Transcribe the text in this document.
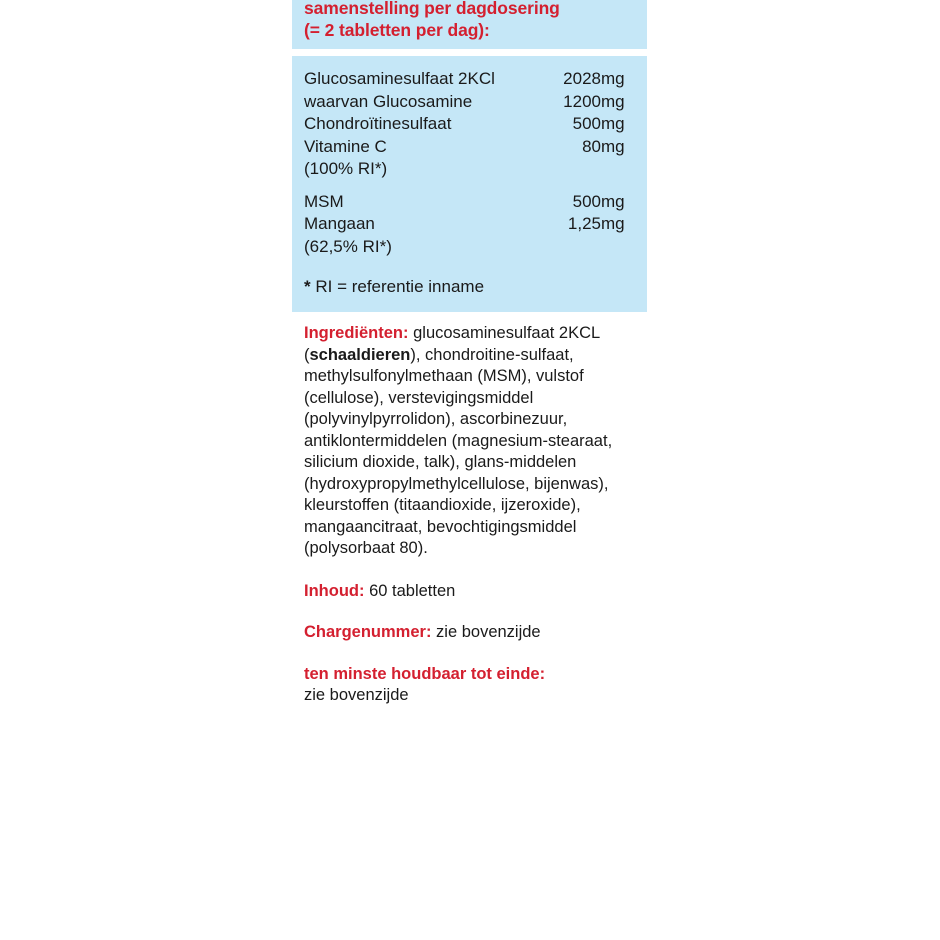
samenstelling per dagdosering
(= 2 tabletten per dag):
Glucosaminesulfaat 2KCl	2028	mg
waarvan Glucosamine	1200	mg
Chondroïtinesulfaat	500	mg
Vitamine C	80	mg
(100% RI*)		

MSM	500	mg
Mangaan	1,25	mg
(62,5% RI*)		
* RI = referentie inname

Ingrediënten: glucosaminesulfaat 2KCL (schaaldieren), chondroitine-sulfaat, methylsulfonylmethaan (MSM), vulstof (cellulose), verstevigingsmiddel (polyvinylpyrrolidon), ascorbinezuur, antiklontermiddelen (magnesium-stearaat, silicium dioxide, talk), glans-middelen (hydroxypropylmethylcellulose, bijenwas), kleurstoffen (titaandioxide, ijzeroxide), mangaancitraat, bevochtigingsmiddel (polysorbaat 80).

Inhoud: 60 tabletten

Chargenummer: zie bovenzijde

ten minste houdbaar tot einde:
zie bovenzijde
